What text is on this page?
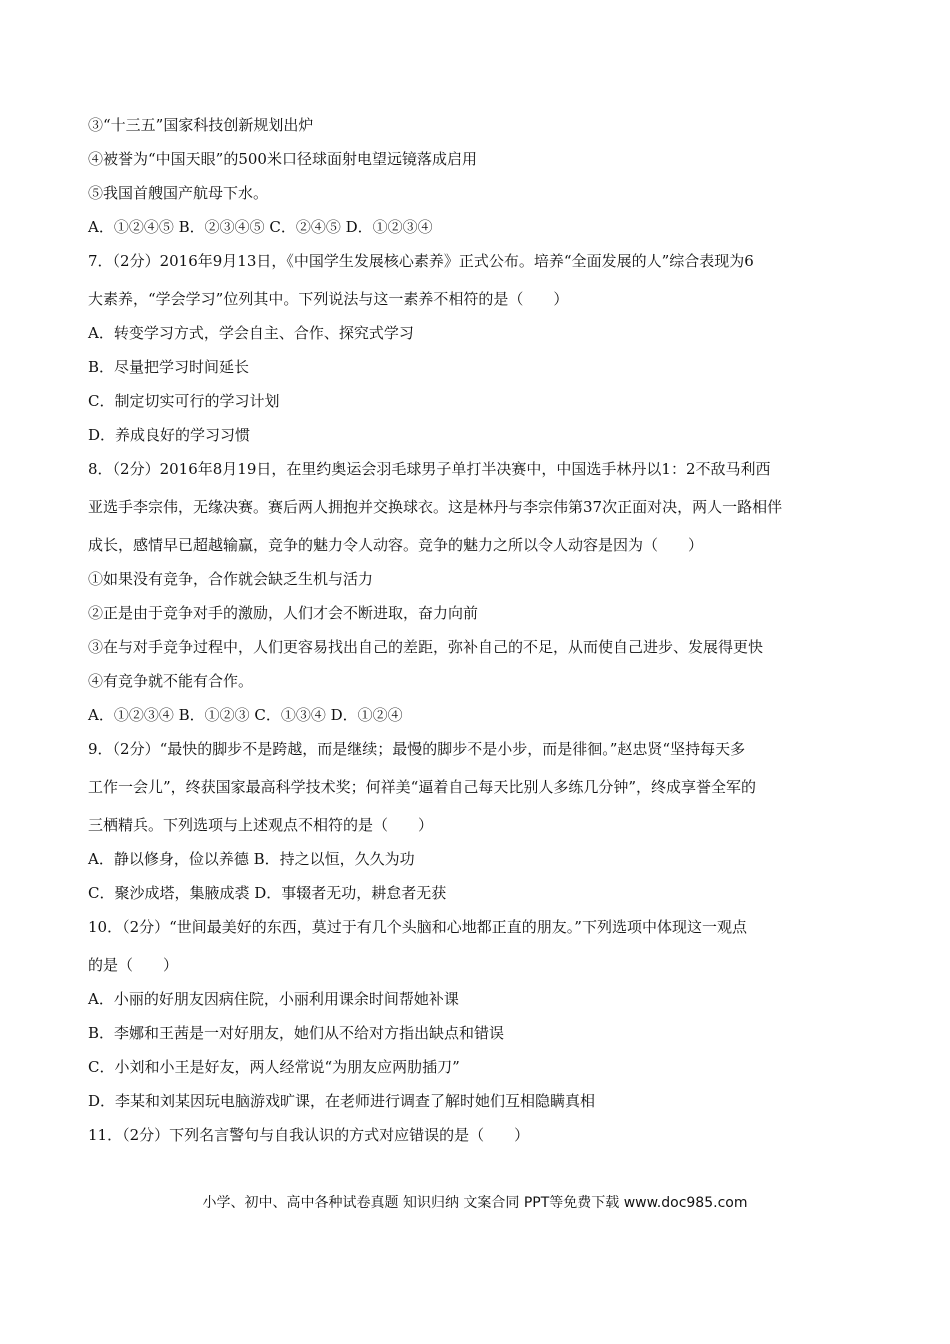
③“十三五”国家科技创新规划出炉

④被誉为“中国天眼”的500米口径球面射电望远镜落成启用

⑤我国首艘国产航母下水。

A．①②④⑤ B．②③④⑤ C．②④⑤ D．①②③④

7．（2分）2016年9月13日，《中国学生发展核心素养》正式公布。培养“全面发展的人”综合表现为6

大素养，“学会学习”位列其中。下列说法与这一素养不相符的是（　　）

A．转变学习方式，学会自主、合作、探究式学习

B．尽量把学习时间延长

C．制定切实可行的学习计划

D．养成良好的学习习惯

8．（2分）2016年8月19日，在里约奥运会羽毛球男子单打半决赛中，中国选手林丹以1：2不敌马利西

亚选手李宗伟，无缘决赛。赛后两人拥抱并交换球衣。这是林丹与李宗伟第37次正面对决，两人一路相伴

成长，感情早已超越输赢，竞争的魅力令人动容。竞争的魅力之所以令人动容是因为（　　）

①如果没有竞争，合作就会缺乏生机与活力

②正是由于竞争对手的激励，人们才会不断进取，奋力向前

③在与对手竞争过程中，人们更容易找出自己的差距，弥补自己的不足，从而使自己进步、发展得更快

④有竞争就不能有合作。

A．①②③④ B．①②③ C．①③④ D．①②④

9．（2分）“最快的脚步不是跨越，而是继续；最慢的脚步不是小步，而是徘徊。”赵忠贤“坚持每天多

工作一会儿”，终获国家最高科学技术奖；何祥美“逼着自己每天比别人多练几分钟”，终成享誉全军的

三栖精兵。下列选项与上述观点不相符的是（　　）

A．静以修身，俭以养德 B．持之以恒，久久为功

C．聚沙成塔，集腋成裘 D．事辍者无功，耕怠者无获

10．（2分）“世间最美好的东西，莫过于有几个头脑和心地都正直的朋友。”下列选项中体现这一观点

的是（　　）

A．小丽的好朋友因病住院，小丽利用课余时间帮她补课

B．李娜和王茜是一对好朋友，她们从不给对方指出缺点和错误

C．小刘和小王是好友，两人经常说“为朋友应两肋插刀”

D．李某和刘某因玩电脑游戏旷课，在老师进行调查了解时她们互相隐瞒真相

11．（2分）下列名言警句与自我认识的方式对应错误的是（　　）

小学、初中、高中各种试卷真题 知识归纳 文案合同 PPT等免费下载 www.doc985.com
